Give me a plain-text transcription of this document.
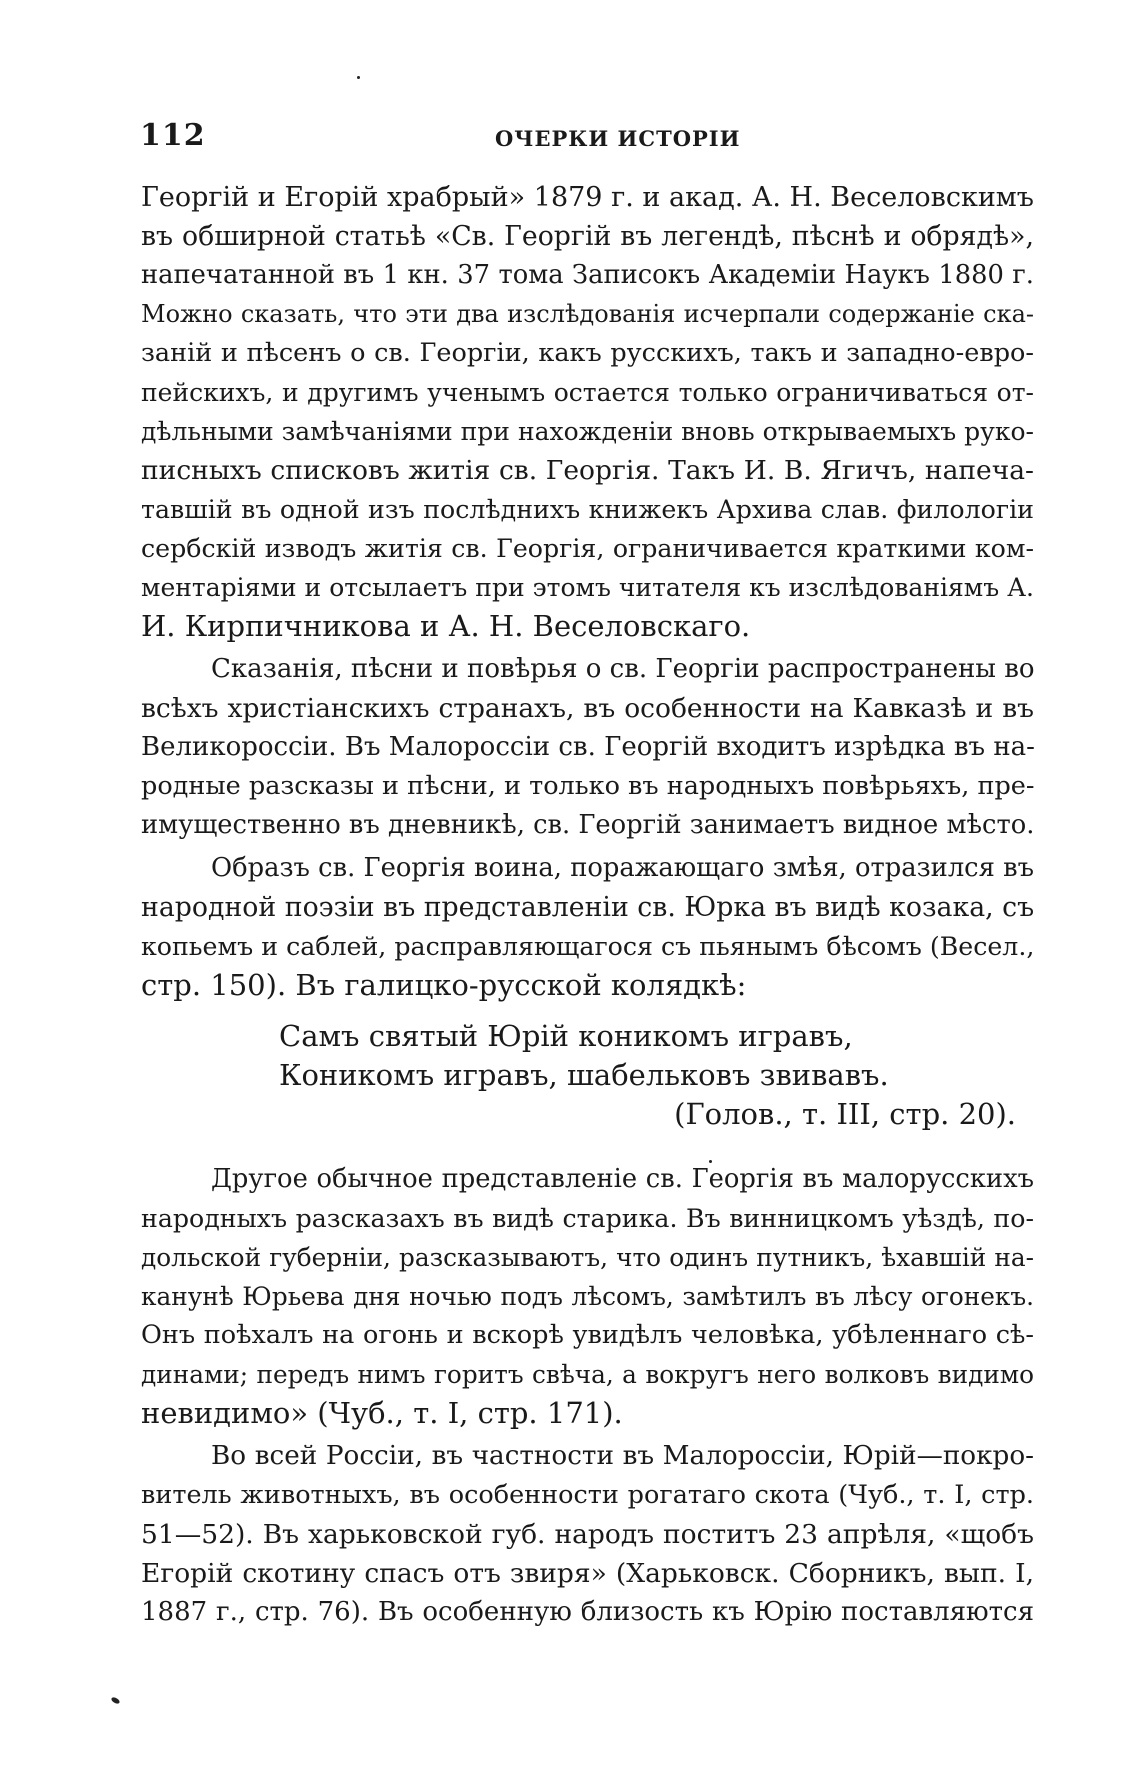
112	ОЧЕРКИ ИСТОРІИ
Георгій и Егорій храбрый» 1879 г. и акад. А. Н. Веселовскимъ
въ обширной статьѣ «Св. Георгій въ легендѣ, пѣснѣ и обрядѣ»,
напечатанной въ 1 кн. 37 тома Записокъ Академіи Наукъ 1880 г.
Можно сказать, что эти два изслѣдованія исчерпали содержаніе ска-
заній и пѣсенъ о св. Георгіи, какъ русскихъ, такъ и западно-евро-
пейскихъ, и другимъ ученымъ остается только ограничиваться от-
дѣльными замѣчаніями при нахожденіи вновь открываемыхъ руко-
писныхъ списковъ житія св. Георгія. Такъ И. В. Ягичъ, напеча-
тавшій въ одной изъ послѣднихъ книжекъ Архива слав. филологіи
сербскій изводъ житія св. Георгія, ограничивается краткими ком-
ментаріями и отсылаетъ при этомъ читателя къ изслѣдованіямъ А.
И. Кирпичникова и А. Н. Веселовскаго.
Сказанія, пѣсни и повѣрья о св. Георгіи распространены во
всѣхъ христіанскихъ странахъ, въ особенности на Кавказѣ и въ
Великороссіи. Въ Малороссіи св. Георгій входитъ изрѣдка въ на-
родные разсказы и пѣсни, и только въ народныхъ повѣрьяхъ, пре-
имущественно въ дневникѣ, св. Георгій занимаетъ видное мѣсто.
Образъ св. Георгія воина, поражающаго змѣя, отразился въ
народной поэзіи въ представленіи св. Юрка въ видѣ козака, съ
копьемъ и саблей, расправляющагося съ пьянымъ бѣсомъ (Весел.,
стр. 150). Въ галицко-русской колядкѣ:
Самъ святый Юрій коникомъ игравъ,
Коникомъ игравъ, шабельковъ звивавъ.
(Голов., т. III, стр. 20).
Другое обычное представленіе св. Георгія въ малорусскихъ
народныхъ разсказахъ въ видѣ старика. Въ винницкомъ уѣздѣ, по-
дольской губерніи, разсказываютъ, что одинъ путникъ, ѣхавшій на-
канунѣ Юрьева дня ночью подъ лѣсомъ, замѣтилъ въ лѣсу огонекъ.
Онъ поѣхалъ на огонь и вскорѣ увидѣлъ человѣка, убѣленнаго сѣ-
динами; передъ нимъ горитъ свѣча, а вокругъ него волковъ видимо
невидимо» (Чуб., т. I, стр. 171).
Во всей Россіи, въ частности въ Малороссіи, Юрій—покро-
витель животныхъ, въ особенности рогатаго скота (Чуб., т. I, стр.
51—52). Въ харьковской губ. народъ поститъ 23 апрѣля, «щобъ
Егорій скотину спасъ отъ звиря» (Харьковск. Сборникъ, вып. I,
1887 г., стр. 76). Въ особенную близость къ Юрію поставляются
